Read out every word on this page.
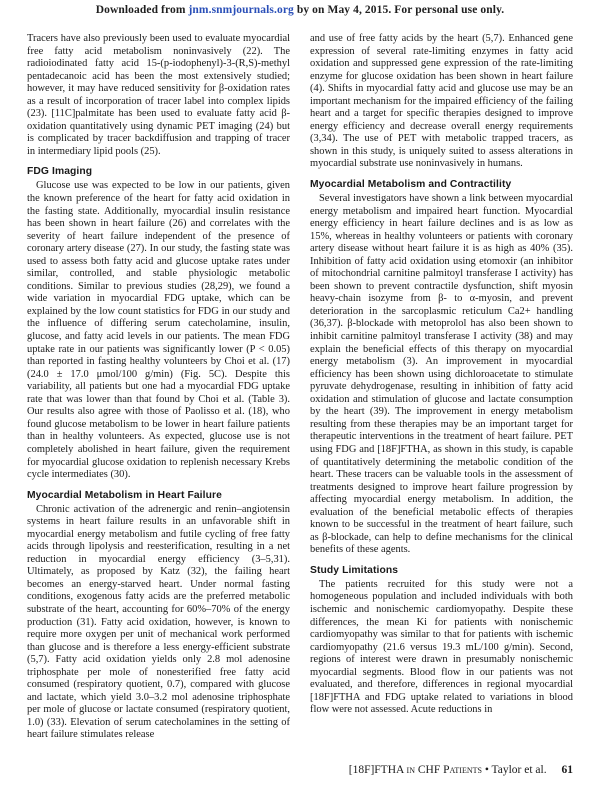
Downloaded from jnm.snmjournals.org by on May 4, 2015. For personal use only.

Tracers have also previously been used to evaluate myocardial free fatty acid metabolism noninvasively (22). The radioiodinated fatty acid 15-(p-iodophenyl)-3-(R,S)-methyl pentadecanoic acid has been the most extensively studied; however, it may have reduced sensitivity for β-oxidation rates as a result of incorporation of tracer label into complex lipids (23). [11C]palmitate has been used to evaluate fatty acid β-oxidation quantitatively using dynamic PET imaging (24) but is complicated by tracer backdiffusion and trapping of tracer in intermediary lipid pools (25).

FDG Imaging

Glucose use was expected to be low in our patients, given the known preference of the heart for fatty acid oxidation in the fasting state. Additionally, myocardial insulin resistance has been shown in heart failure (26) and correlates with the severity of heart failure independent of the presence of coronary artery disease (27). In our study, the fasting state was used to assess both fatty acid and glucose uptake rates under similar, controlled, and stable physiologic metabolic conditions. Similar to previous studies (28,29), we found a wide variation in myocardial FDG uptake, which can be explained by the low count statistics for FDG in our study and the influence of differing serum catecholamine, insulin, glucose, and fatty acid levels in our patients. The mean FDG uptake rate in our patients was significantly lower (P < 0.05) than reported in fasting healthy volunteers by Choi et al. (17) (24.0 ± 17.0 μmol/100 g/min) (Fig. 5C). Despite this variability, all patients but one had a myocardial FDG uptake rate that was lower than that found by Choi et al. (Table 3). Our results also agree with those of Paolisso et al. (18), who found glucose metabolism to be lower in heart failure patients than in healthy volunteers. As expected, glucose use is not completely abolished in heart failure, given the requirement for myocardial glucose oxidation to replenish necessary Krebs cycle intermediates (30).

Myocardial Metabolism in Heart Failure

Chronic activation of the adrenergic and renin–angiotensin systems in heart failure results in an unfavorable shift in myocardial energy metabolism and futile cycling of free fatty acids through lipolysis and reesterification, resulting in a net reduction in myocardial energy efficiency (3–5,31). Ultimately, as proposed by Katz (32), the failing heart becomes an energy-starved heart. Under normal fasting conditions, exogenous fatty acids are the preferred metabolic substrate of the heart, accounting for 60%–70% of the energy production (31). Fatty acid oxidation, however, is known to require more oxygen per unit of mechanical work performed than glucose and is therefore a less energy-efficient substrate (5,7). Fatty acid oxidation yields only 2.8 mol adenosine triphosphate per mole of nonesterified free fatty acid consumed (respiratory quotient, 0.7), compared with glucose and lactate, which yield 3.0–3.2 mol adenosine triphosphate per mole of glucose or lactate consumed (respiratory quotient, 1.0) (33). Elevation of serum catecholamines in the setting of heart failure stimulates release

and use of free fatty acids by the heart (5,7). Enhanced gene expression of several rate-limiting enzymes in fatty acid oxidation and suppressed gene expression of the rate-limiting enzyme for glucose oxidation has been shown in heart failure (4). Shifts in myocardial fatty acid and glucose use may be an important mechanism for the impaired efficiency of the failing heart and a target for specific therapies designed to improve energy efficiency and decrease overall energy requirements (3,34). The use of PET with metabolic trapped tracers, as shown in this study, is uniquely suited to assess alterations in myocardial substrate use noninvasively in humans.

Myocardial Metabolism and Contractility

Several investigators have shown a link between myocardial energy metabolism and impaired heart function. Myocardial energy efficiency in heart failure declines and is as low as 15%, whereas in healthy volunteers or patients with coronary artery disease without heart failure it is as high as 40% (35). Inhibition of fatty acid oxidation using etomoxir (an inhibitor of mitochondrial carnitine palmitoyl transferase I activity) has been shown to prevent contractile dysfunction, shift myosin heavy-chain isozyme from β- to α-myosin, and prevent deterioration in the sarcoplasmic reticulum Ca2+ handling (36,37). β-blockade with metoprolol has also been shown to inhibit carnitine palmitoyl transferase I activity (38) and may explain the beneficial effects of this therapy on myocardial energy metabolism (3). An improvement in myocardial efficiency has been shown using dichloroacetate to stimulate pyruvate dehydrogenase, resulting in inhibition of fatty acid oxidation and stimulation of glucose and lactate consumption by the heart (39). The improvement in energy metabolism resulting from these therapies may be an important target for therapeutic interventions in the treatment of heart failure. PET using FDG and [18F]FTHA, as shown in this study, is capable of quantitatively determining the metabolic condition of the heart. These tracers can be valuable tools in the assessment of treatments designed to improve heart failure progression by affecting myocardial energy metabolism. In addition, the evaluation of the beneficial metabolic effects of therapies known to be successful in the treatment of heart failure, such as β-blockade, can help to define mechanisms for the clinical benefits of these agents.

Study Limitations

The patients recruited for this study were not a homogeneous population and included individuals with both ischemic and nonischemic cardiomyopathy. Despite these differences, the mean Ki for patients with nonischemic cardiomyopathy was similar to that for patients with ischemic cardiomyopathy (21.6 versus 19.3 mL/100 g/min). Second, regions of interest were drawn in presumably nonischemic myocardial segments. Blood flow in our patients was not evaluated, and therefore, differences in regional myocardial [18F]FTHA and FDG uptake related to variations in blood flow were not assessed. Acute reductions in

[18F]FTHA in CHF Patients • Taylor et al. 61
